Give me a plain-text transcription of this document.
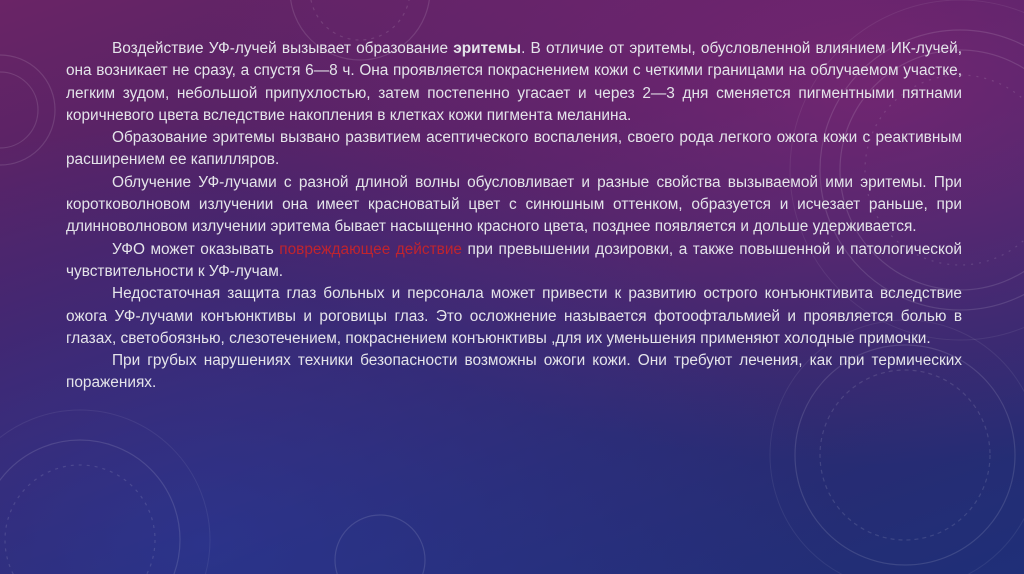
Воздействие УФ-лучей вызывает образование эритемы. В отличие от эритемы, обусловленной влиянием ИК-лучей, она возникает не сразу, а спустя 6—8 ч. Она проявляется покраснением кожи с четкими границами на облучаемом участке, легким зудом, небольшой припухлостью, затем постепенно угасает и через 2—3 дня сменяется пигментными пятнами коричневого цвета вследствие накопления в клетках кожи пигмента меланина.

Образование эритемы вызвано развитием асептического воспаления, своего рода легкого ожога кожи с реактивным расширением ее капилляров.

Облучение УФ-лучами с разной длиной волны обусловливает и разные свойства вызываемой ими эритемы. При коротковолновом излучении она имеет красноватый цвет с синюшным оттенком, образуется и исчезает раньше, при длинноволновом излучении эритема бывает насыщенно красного цвета, позднее появляется и дольше удерживается.

УФО может оказывать повреждающее действие при превышении дозировки, а также повышенной и патологической чувствительности к УФ-лучам.

Недостаточная защита глаз больных и персонала может привести к развитию острого конъюнктивита вследствие ожога УФ-лучами конъюнктивы и роговицы глаз. Это осложнение называется фотоофтальмией и проявляется болью в глазах, светобоязнью, слезотечением, покраснением конъюнктивы ,для их уменьшения применяют холодные примочки.

При грубых нарушениях техники безопасности возможны ожоги кожи. Они требуют лечения, как при термических поражениях.
